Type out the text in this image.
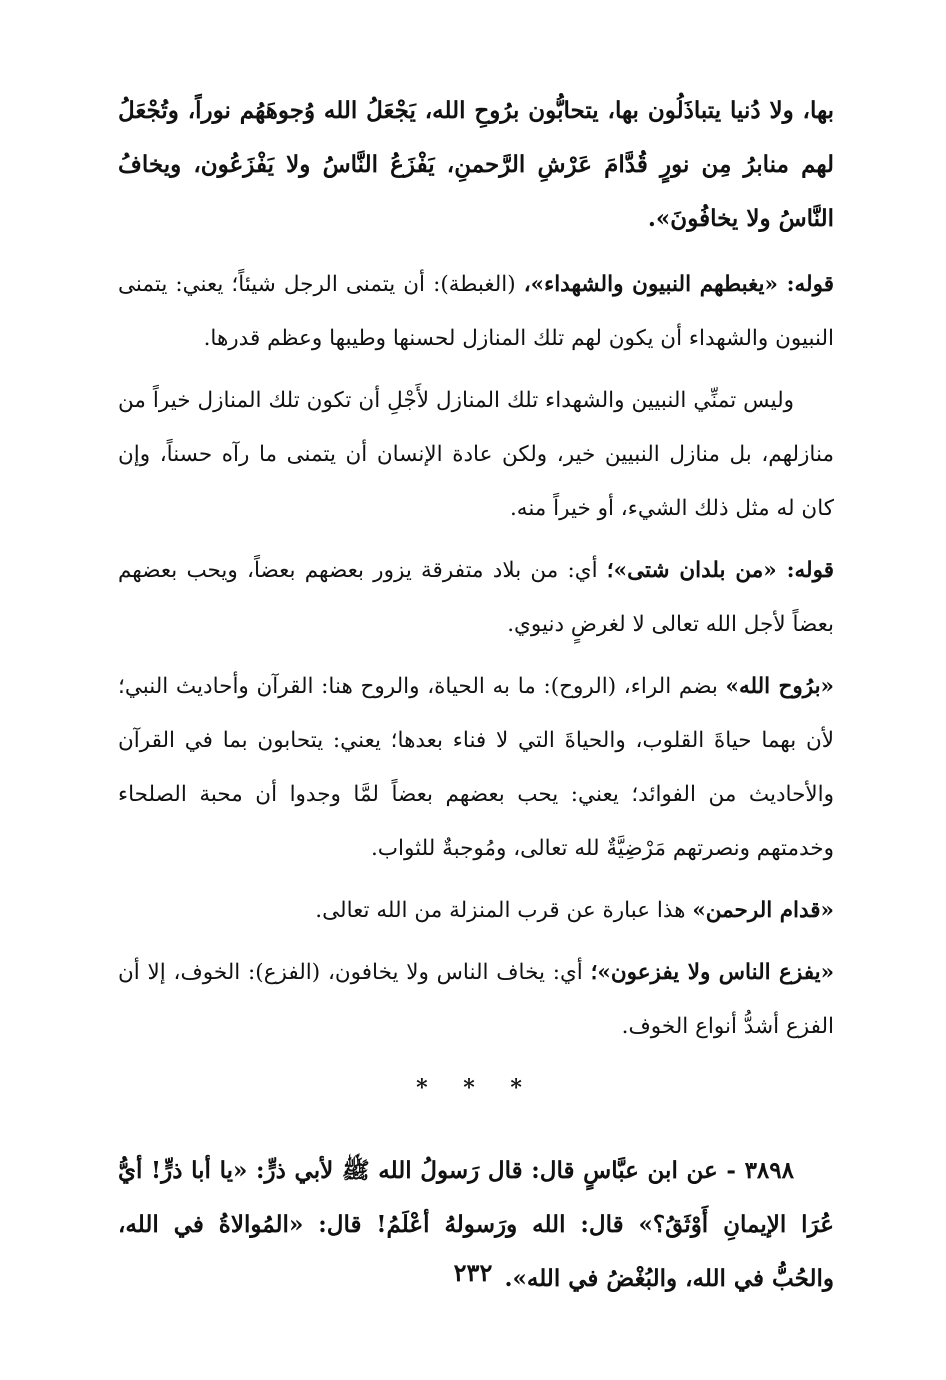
بها، ولا دُنيا يتباذَلُون بها، يتحابُّون برُوحِ الله، يَجْعَلُ الله وُجوهَهُم نوراً، وتُجْعَلُ لهم منابرُ مِن نورٍ قُدَّامَ عَرْشِ الرَّحمنِ، يَفْزَعُ النَّاسُ ولا يَفْزَعُون، ويخافُ النَّاسُ ولا يخافُونَ».

قوله: «يغبطهم النبيون والشهداء»، (الغبطة): أن يتمنى الرجل شيئاً؛ يعني: يتمنى النبيون والشهداء أن يكون لهم تلك المنازل لحسنها وطيبها وعظم قدرها.

وليس تمنِّي النبيين والشهداء تلك المنازل لأَجْلِ أن تكون تلك المنازل خيراً من منازلهم، بل منازل النبيين خير، ولكن عادة الإنسان أن يتمنى ما رآه حسناً، وإن كان له مثل ذلك الشيء، أو خيراً منه.

قوله: «من بلدان شتى»؛ أي: من بلاد متفرقة يزور بعضهم بعضاً، ويحب بعضهم بعضاً لأجل الله تعالى لا لغرضٍ دنيوي.

«برُوح الله» بضم الراء، (الروح): ما به الحياة، والروح هنا: القرآن وأحاديث النبي؛ لأن بهما حياةَ القلوب، والحياةَ التي لا فناء بعدها؛ يعني: يتحابون بما في القرآن والأحاديث من الفوائد؛ يعني: يحب بعضهم بعضاً لمَّا وجدوا أن محبة الصلحاء وخدمتهم ونصرتهم مَرْضِيَّةٌ لله تعالى، ومُوجبةٌ للثواب.

«قدام الرحمن» هذا عبارة عن قرب المنزلة من الله تعالى.

«يفزع الناس ولا يفزعون»؛ أي: يخاف الناس ولا يخافون، (الفزع): الخوف، إلا أن الفزع أشدُّ أنواع الخوف.

* * *

٣٨٩٨ - عن ابن عبَّاسٍ قال: قال رَسولُ الله ﷺ لأبي ذرٍّ: «يا أبا ذرٍّ! أيُّ عُرَا الإيمانِ أَوْثَقُ؟» قال: الله ورَسولهُ أعْلَمُ! قال: «المُوالاةُ في الله، والحُبُّ في الله، والبُغْضُ في الله».

٢٣٢
